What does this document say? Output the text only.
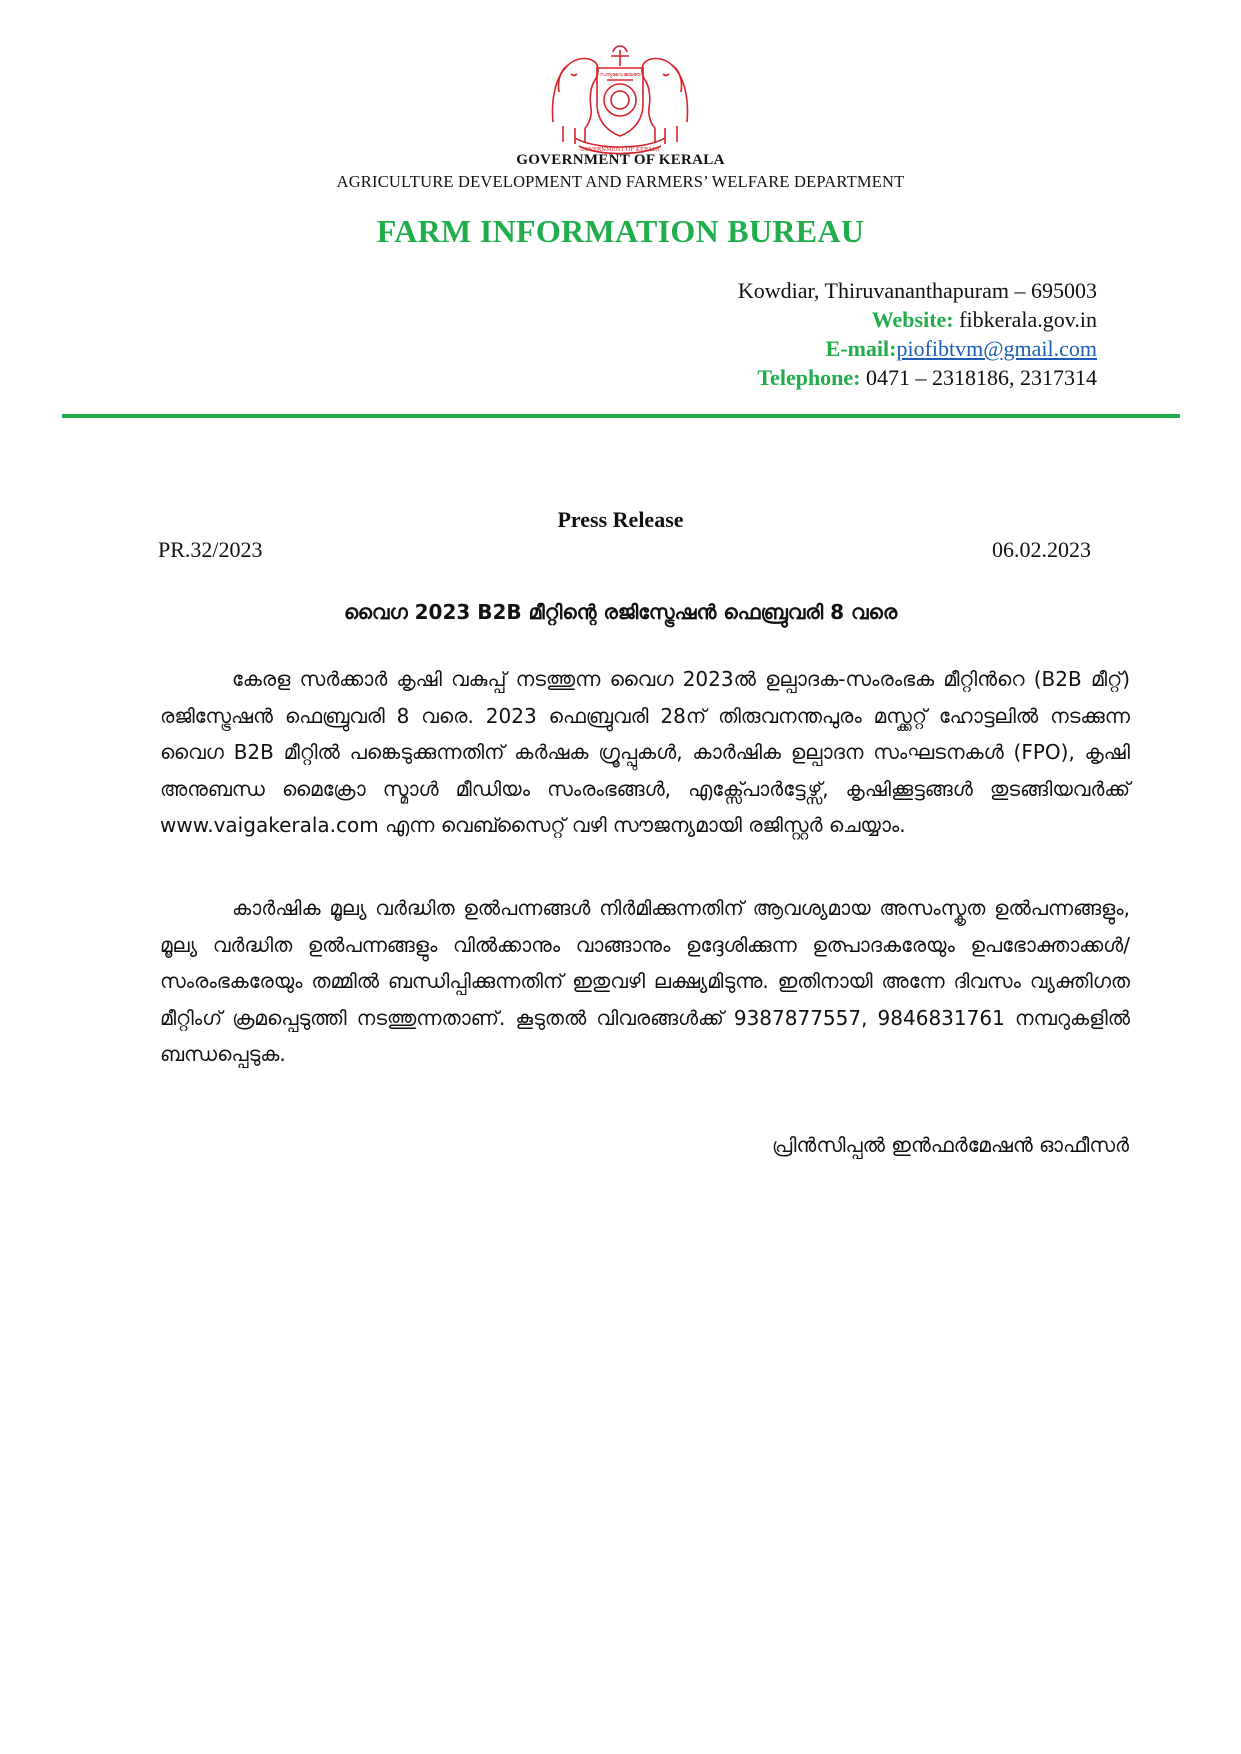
സത്യമേവ ജയതേ
GOVERNMENT OF KERALA
GOVERNMENT OF KERALA
AGRICULTURE DEVELOPMENT AND FARMERS’ WELFARE DEPARTMENT
FARM INFORMATION BUREAU
Kowdiar, Thiruvananthapuram – 695003
Website: fibkerala.gov.in
E-mail:piofibtvm@gmail.com
Telephone: 0471 – 2318186, 2317314
Press Release
PR.32/2023	06.02.2023
വൈഗ 2023 B2B മീറ്റിന്റെ രജിസ്ട്രേഷൻ ഫെബ്രുവരി 8 വരെ

കേരള സർക്കാർ കൃഷി വകുപ്പ് നടത്തുന്ന വൈഗ 2023ൽ ഉല്പാദക-സംരംഭക മീറ്റിൻറെ (B2B മീറ്റ്) രജിസ്ട്രേഷൻ ഫെബ്രുവരി 8 വരെ. 2023 ഫെബ്രുവരി 28ന് തിരുവനന്തപുരം മസ്ക്കറ്റ് ഹോട്ടലിൽ നടക്കുന്ന വൈഗ B2B മീറ്റിൽ പങ്കെടുക്കുന്നതിന് കർഷക ഗ്രൂപ്പുകൾ, കാർഷിക ഉല്പാദന സംഘടനകൾ (FPO), കൃഷി അനുബന്ധ മൈക്രോ സ്മാൾ മീഡിയം സംരംഭങ്ങൾ, എക്സ്പോർട്ടേഴ്സ്, കൃഷിക്കൂട്ടങ്ങൾ തുടങ്ങിയവർക്ക് www.vaigakerala.com എന്ന വെബ്സൈറ്റ് വഴി സൗജന്യമായി രജിസ്റ്റർ ചെയ്യാം.

കാർഷിക മൂല്യ വർദ്ധിത ഉൽപന്നങ്ങൾ നിർമിക്കുന്നതിന് ആവശ്യമായ അസംസ്കൃത ഉൽപന്നങ്ങളും, മൂല്യ വർദ്ധിത ഉൽപന്നങ്ങളും വിൽക്കാനും വാങ്ങാനും ഉദ്ദേശിക്കുന്ന ഉത്പാദകരേയും ഉപഭോക്താക്കൾ/സംരംഭകരേയും തമ്മിൽ ബന്ധിപ്പിക്കുന്നതിന് ഇതുവഴി ലക്ഷ്യമിടുന്നു. ഇതിനായി അന്നേ ദിവസം വ്യക്തിഗത മീറ്റിംഗ് ക്രമപ്പെടുത്തി നടത്തുന്നതാണ്. കൂടുതൽ വിവരങ്ങൾക്ക് 9387877557, 9846831761 നമ്പറുകളിൽ ബന്ധപ്പെടുക.

പ്രിൻസിപ്പൽ ഇൻഫർമേഷൻ ഓഫീസർ
